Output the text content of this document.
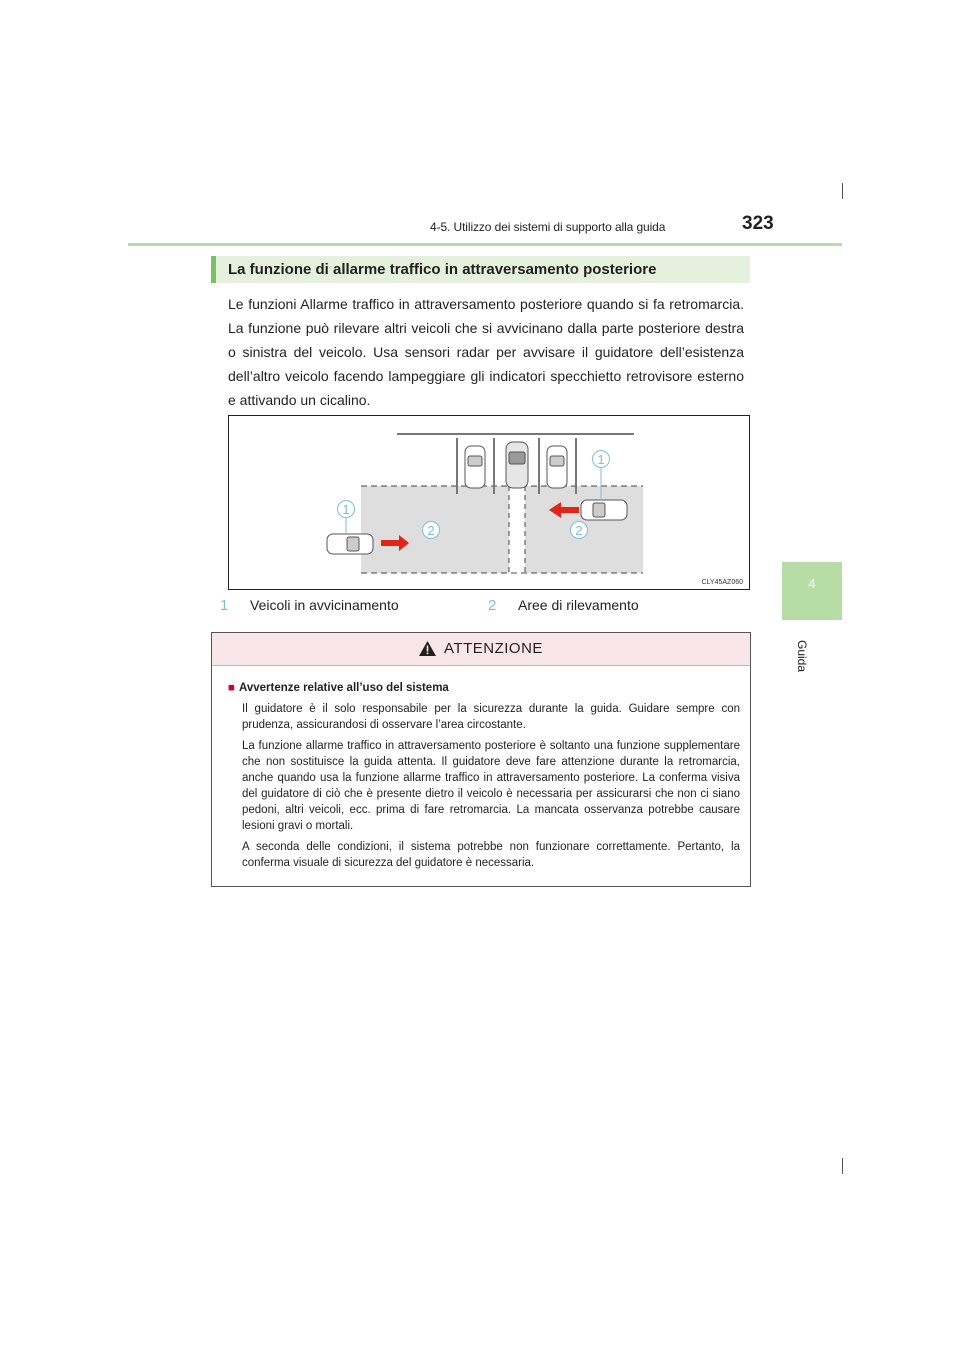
4-5. Utilizzo dei sistemi di supporto alla guida	323
4
Guida
La funzione di allarme traffico in attraversamento posteriore
Le funzioni Allarme traffico in attraversamento posteriore quando si fa retromarcia. La funzione può rilevare altri veicoli che si avvicinano dalla parte posteriore destra o sinistra del veicolo. Usa sensori radar per avvisare il guidatore dell’esistenza dell’altro veicolo facendo lampeggiare gli indicatori specchietto retrovisore esterno e attivando un cicalino.
1
1
2	2
CLY45AZ060
1 Veicoli in avvicinamento	2 Aree di rilevamento
ATTENZIONE
■ Avvertenze relative all’uso del sistema

Il guidatore è il solo responsabile per la sicurezza durante la guida. Guidare sempre con prudenza, assicurandosi di osservare l’area circostante.

La funzione allarme traffico in attraversamento posteriore è soltanto una funzione supplementare che non sostituisce la guida attenta. Il guidatore deve fare attenzione durante la retromarcia, anche quando usa la funzione allarme traffico in attraversamento posteriore. La conferma visiva del guidatore di ciò che è presente dietro il veicolo è necessaria per assicurarsi che non ci siano pedoni, altri veicoli, ecc. prima di fare retromarcia. La mancata osservanza potrebbe causare lesioni gravi o mortali.

A seconda delle condizioni, il sistema potrebbe non funzionare correttamente. Pertanto, la conferma visuale di sicurezza del guidatore è necessaria.
